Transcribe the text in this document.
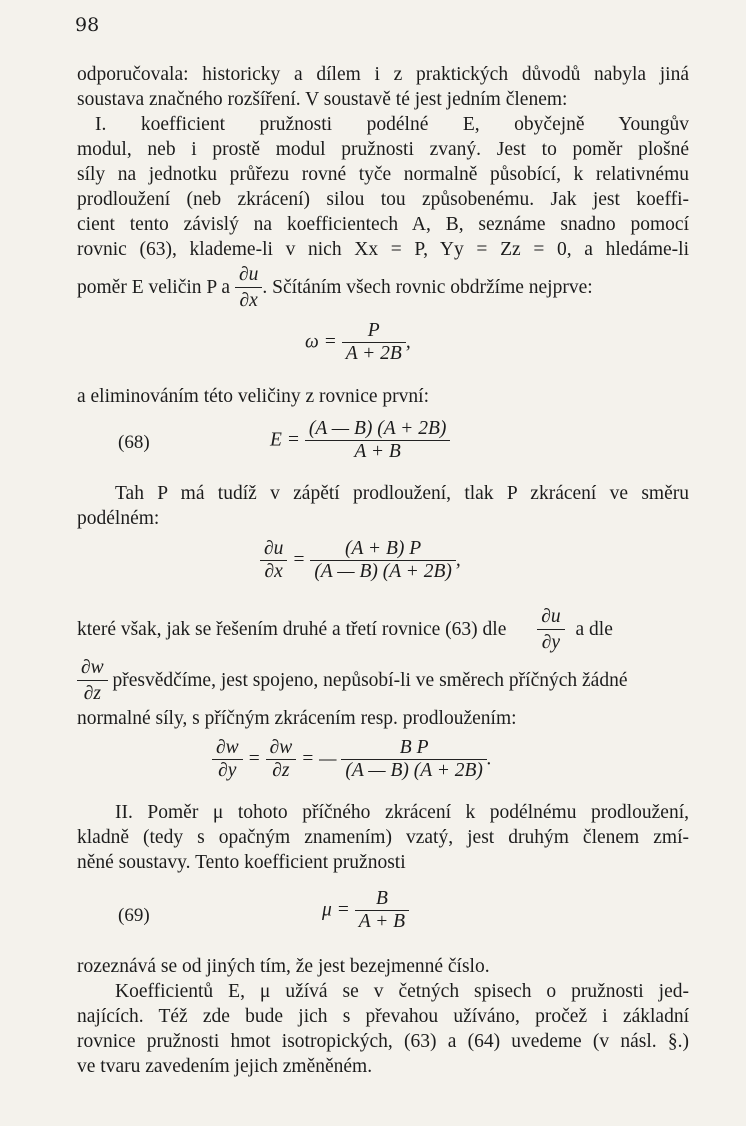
98
odporučovala: historicky a dílem i z praktických důvodů nabyla jiná
soustava značného rozšíření. V soustavě té jest jedním členem:
I. koefficient pružnosti podélné E, obyčejně Youngův
modul, neb i prostě modul pružnosti zvaný. Jest to poměr plošné
síly na jednotku průřezu rovné tyče normalně působící, k relativnému
prodloužení (neb zkrácení) silou tou způsobenému. Jak jest koeffi-
cient tento závislý na koefficientech A, B, seznáme snadno pomocí
rovnic (63), klademe-li v nich Xx = P, Yy = Zz = 0, a hledáme-li
poměr E veličin P a $\frac{\partial u}{\partial x}$ . Sčítáním všech rovnic obdržíme nejprve:
$\omega = \frac{P}{A + 2B}$ ,
a eliminováním této veličiny z rovnice první:
(68)	$E = \frac{(A — B) (A + 2B)}{A + B}$
Tah P má tudíž v zápětí prodloužení, tlak P zkrácení ve směru
podélném:
$\frac{\partial u}{\partial x} = \frac{(A + B) P}{(A — B) (A + 2B)}$ ,
které však, jak se řešením druhé a třetí rovnice (63) dle $\frac{\partial u}{\partial y}$ a dle
$\frac{\partial w}{\partial z}$ přesvědčíme, jest spojeno, nepůsobí-li ve směrech příčných žádné
normalné síly, s příčným zkrácením resp. prodloužením:
$\frac{\partial w}{\partial y} = \frac{\partial w}{\partial z}$ = — $\frac{\text{B P}}{(A — B) (A + 2B)}$ .
II. Poměr μ tohoto příčného zkrácení k podélnému prodloužení,
kladně (tedy s opačným znamením) vzatý, jest druhým členem zmí-
něné soustavy. Tento koefficient pružnosti
(69)	$\mu = \frac{B}{A + B}$
rozeznává se od jiných tím, že jest bezejmenné číslo.
Koefficientů E, μ užívá se v četných spisech o pružnosti jed-
najících. Též zde bude jich s převahou užíváno, pročež i základní
rovnice pružnosti hmot isotropických, (63) a (64) uvedeme (v násl. §.)
ve tvaru zavedením jejich změněném.
